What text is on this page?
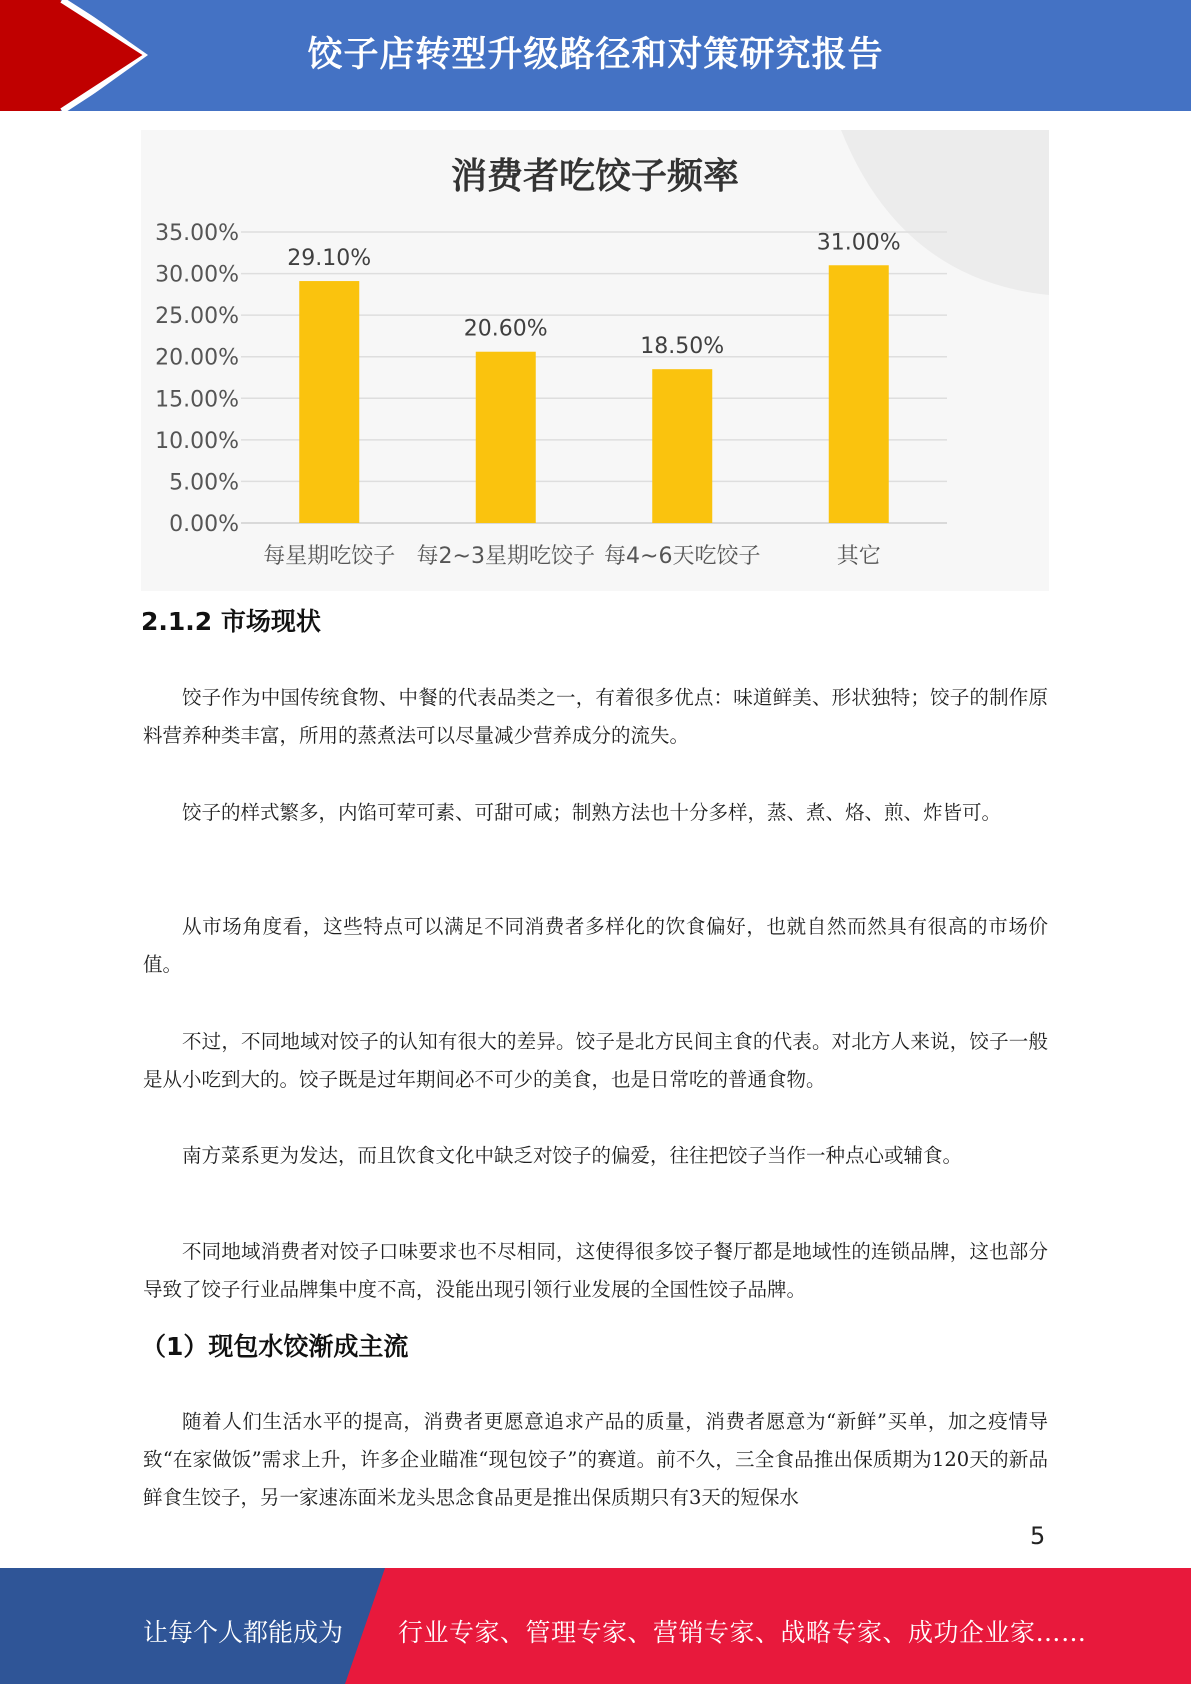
饺子店转型升级路径和对策研究报告
消费者吃饺子频率
0.00%
5.00%
10.00%
15.00%
20.00%
25.00%
30.00%
35.00%
29.10%
每星期吃饺子
20.60%
每2~3星期吃饺子
18.50%
每4~6天吃饺子
31.00%
其它
2.1.2 市场现状

饺子作为中国传统食物、中餐的代表品类之一，有着很多优点：味道鲜美、形状独特；饺子的制作原料营养种类丰富，所用的蒸煮法可以尽量减少营养成分的流失。

饺子的样式繁多，内馅可荤可素、可甜可咸；制熟方法也十分多样，蒸、煮、烙、煎、炸皆可。

从市场角度看，这些特点可以满足不同消费者多样化的饮食偏好，也就自然而然具有很高的市场价值。

不过，不同地域对饺子的认知有很大的差异。饺子是北方民间主食的代表。对北方人来说，饺子一般是从小吃到大的。饺子既是过年期间必不可少的美食，也是日常吃的普通食物。

南方菜系更为发达，而且饮食文化中缺乏对饺子的偏爱，往往把饺子当作一种点心或辅食。

不同地域消费者对饺子口味要求也不尽相同，这使得很多饺子餐厅都是地域性的连锁品牌，这也部分导致了饺子行业品牌集中度不高，没能出现引领行业发展的全国性饺子品牌。

（1）现包水饺渐成主流

随着人们生活水平的提高，消费者更愿意追求产品的质量，消费者愿意为“新鲜”买单，加之疫情导致“在家做饭”需求上升，许多企业瞄准“现包饺子”的赛道。前不久，三全食品推出保质期为120天的新品鲜食生饺子，另一家速冻面米龙头思念食品更是推出保质期只有3天的短保水

5
让每个人都能成为 行业专家、管理专家、营销专家、战略专家、成功企业家……
